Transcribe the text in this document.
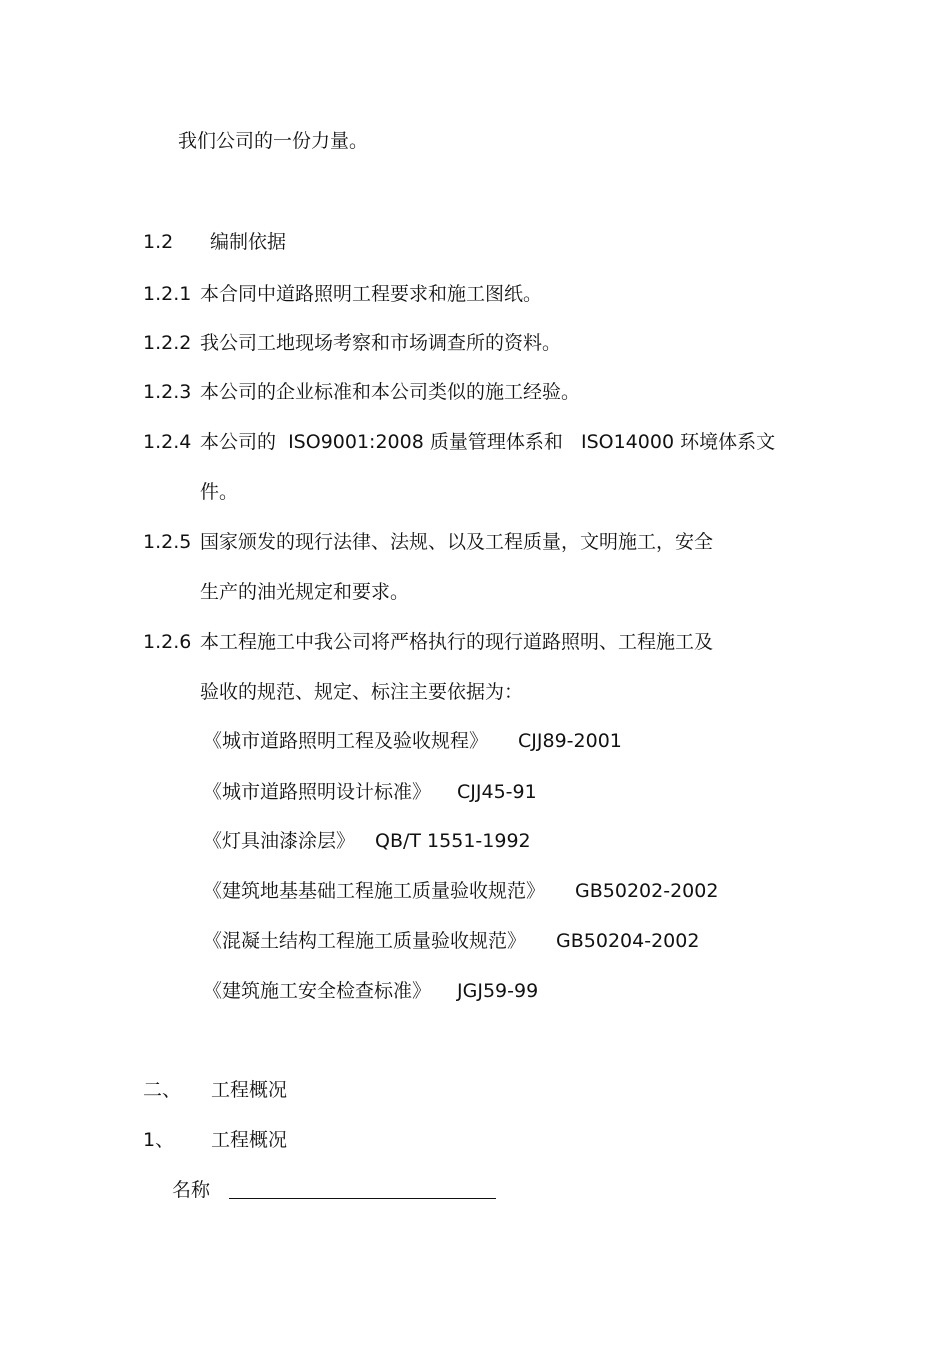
我们公司的一份力量。
1.2 编制依据
1.2.1 本合同中道路照明工程要求和施工图纸。
1.2.2 我公司工地现场考察和市场调查所的资料。
1.2.3 本公司的企业标准和本公司类似的施工经验。
1.2.4 本公司的  ISO9001:2008 质量管理体系和   ISO14000 环境体系文
件。
1.2.5 国家颁发的现行法律、法规、以及工程质量，文明施工，安全
生产的油光规定和要求。
1.2.6 本工程施工中我公司将严格执行的现行道路照明、工程施工及
验收的规范、规定、标注主要依据为：
《城市道路照明工程及验收规程》 CJJ89-2001
《城市道路照明设计标准》 CJJ45-91
《灯具油漆涂层》 QB/T 1551-1992
《建筑地基基础工程施工质量验收规范》 GB50202-2002
《混凝土结构工程施工质量验收规范》 GB50204-2002
《建筑施工安全检查标准》 JGJ59-99
二、 工程概况
1、 工程概况
名称
